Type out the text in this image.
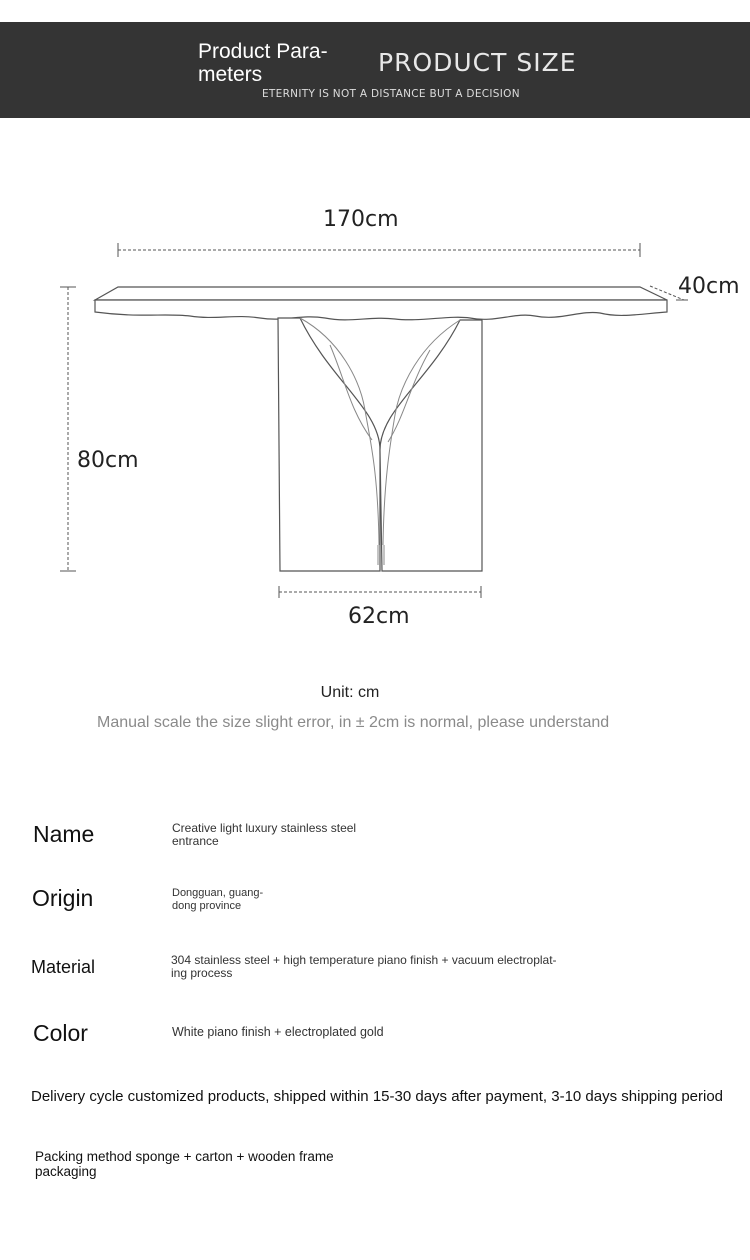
Product Para-
meters	PRODUCT SIZE
ETERNITY IS NOT A DISTANCE BUT A DECISION
170cm
40cm
80cm
62cm
Unit: cm
Manual scale the size slight error, in ± 2cm is normal, please understand
Name	Creative light luxury stainless steel
entrance
Origin	Dongguan, guang-
dong province
Material	304 stainless steel + high temperature piano finish + vacuum electroplat-
ing process
Color	White piano finish + electroplated gold
Delivery cycle customized products, shipped within 15-30 days after payment, 3-10 days shipping period
Packing method sponge + carton + wooden frame
packaging
